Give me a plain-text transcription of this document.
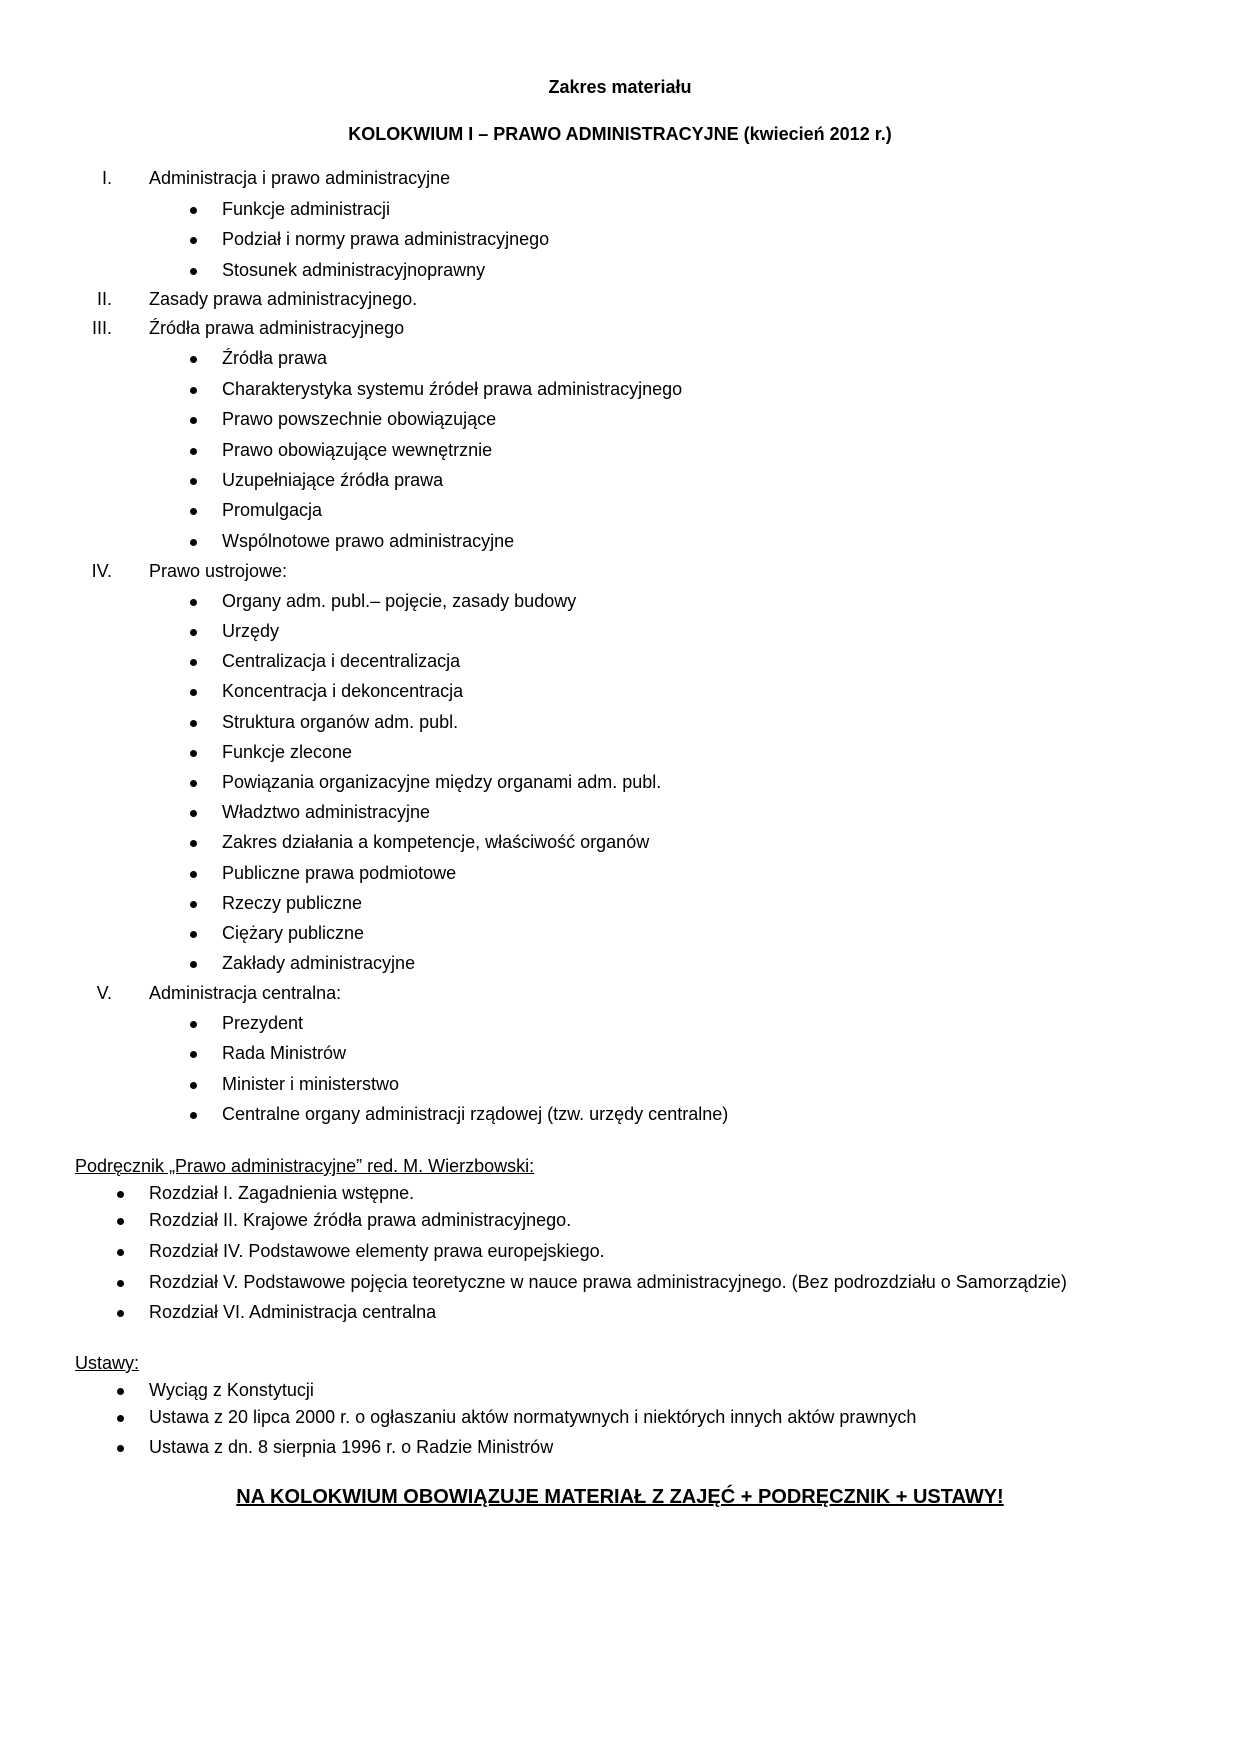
Zakres materiału
KOLOKWIUM I – PRAWO ADMINISTRACYJNE (kwiecień 2012 r.)
I. Administracja i prawo administracyjne
Funkcje administracji
Podział i normy prawa administracyjnego
Stosunek administracyjnoprawny
II. Zasady prawa administracyjnego.
III. Źródła prawa administracyjnego
Źródła prawa
Charakterystyka systemu źródeł prawa administracyjnego
Prawo powszechnie obowiązujące
Prawo obowiązujące wewnętrznie
Uzupełniające źródła prawa
Promulgacja
Wspólnotowe prawo administracyjne
IV. Prawo ustrojowe:
Organy adm. publ.– pojęcie, zasady budowy
Urzędy
Centralizacja i decentralizacja
Koncentracja i dekoncentracja
Struktura organów adm. publ.
Funkcje zlecone
Powiązania organizacyjne między organami adm. publ.
Władztwo administracyjne
Zakres działania a kompetencje, właściwość organów
Publiczne prawa podmiotowe
Rzeczy publiczne
Ciężary publiczne
Zakłady administracyjne
V. Administracja centralna:
Prezydent
Rada Ministrów
Minister i ministerstwo
Centralne organy administracji rządowej (tzw. urzędy centralne)
Podręcznik „Prawo administracyjne” red. M. Wierzbowski:
Rozdział I. Zagadnienia wstępne.
Rozdział II. Krajowe źródła prawa administracyjnego.
Rozdział IV. Podstawowe elementy prawa europejskiego.
Rozdział V. Podstawowe pojęcia teoretyczne w nauce prawa administracyjnego. (Bez podrozdziału o Samorządzie)
Rozdział VI. Administracja centralna
Ustawy:
Wyciąg z Konstytucji
Ustawa z 20 lipca 2000 r. o ogłaszaniu aktów normatywnych i niektórych innych aktów prawnych
Ustawa z dn. 8 sierpnia 1996 r. o Radzie Ministrów
NA KOLOKWIUM OBOWIĄZUJE MATERIAŁ Z ZAJĘĆ + PODRĘCZNIK + USTAWY!
